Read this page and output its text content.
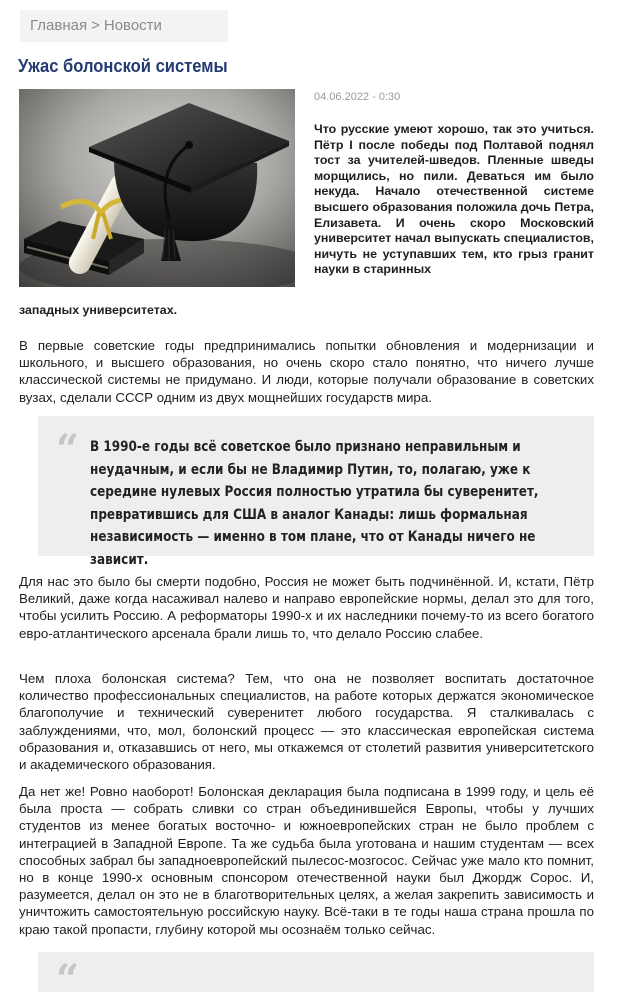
Главная > Новости
Ужас болонской системы
04.06.2022 - 0:30
Что русские умеют хорошо, так это учиться. Пётр I после победы под Полтавой поднял тост за учителей-шведов. Пленные шведы морщились, но пили. Деваться им было некуда. Начало отечественной системе высшего образования положила дочь Петра, Елизавета. И очень скоро Московский университет начал выпускать специалистов, ничуть не уступавших тем, кто грыз гранит науки в старинных
западных университетах.
В первые советские годы предпринимались попытки обновления и модернизации и школьного, и высшего образования, но очень скоро стало понятно, что ничего лучше классической системы не придумано. И люди, которые получали образование в советских вузах, сделали СССР одним из двух мощнейших государств мира.
“ В 1990-е годы всё советское было признано неправильным и неудачным, и если бы не Владимир Путин, то, полагаю, уже к середине нулевых Россия полностью утратила бы суверенитет, превратившись для США в аналог Канады: лишь формальная независимость — именно в том плане, что от Канады ничего не зависит.
Для нас это было бы смерти подобно, Россия не может быть подчинённой. И, кстати, Пётр Великий, даже когда насаживал налево и направо европейские нормы, делал это для того, чтобы усилить Россию. А реформаторы 1990-х и их наследники почему-то из всего богатого евро-атлантического арсенала брали лишь то, что делало Россию слабее.
Чем плоха болонская система? Тем, что она не позволяет воспитать достаточное количество профессиональных специалистов, на работе которых держатся экономическое благополучие и технический суверенитет любого государства. Я сталкивалась с заблуждениями, что, мол, болонский процесс — это классическая европейская система образования и, отказавшись от него, мы откажемся от столетий развития университетского и академического образования.
Да нет же! Ровно наоборот! Болонская декларация была подписана в 1999 году, и цель её была проста — собрать сливки со стран объединившейся Европы, чтобы у лучших студентов из менее богатых восточно- и южноевропейских стран не было проблем с интеграцией в Западной Европе. Та же судьба была уготована и нашим студентам — всех способных забрал бы западноевропейский пылесос-мозгосос. Сейчас уже мало кто помнит, но в конце 1990-х основным спонсором отечественной науки был Джордж Сорос. И, разумеется, делал он это не в благотворительных целях, а желая закрепить зависимость и уничтожить самостоятельную российскую науку. Всё-таки в те годы наша страна прошла по краю такой пропасти, глубину которой мы осознаём только сейчас.
“
